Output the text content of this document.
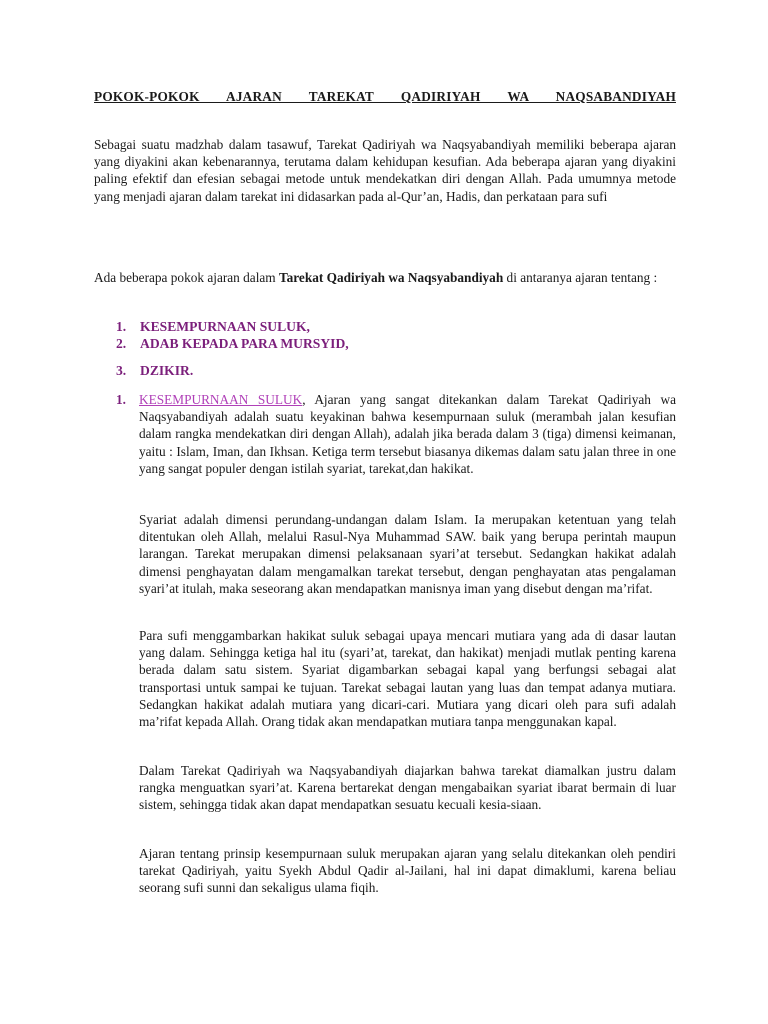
POKOK-POKOK AJARAN TAREKAT QADIRIYAH WA NAQSABANDIYAH

Sebagai suatu madzhab dalam tasawuf, Tarekat Qadiriyah wa Naqsyabandiyah memiliki beberapa ajaran yang diyakini akan kebenarannya, terutama dalam kehidupan kesufian. Ada beberapa ajaran yang diyakini paling efektif dan efesian sebagai metode untuk mendekatkan diri dengan Allah. Pada umumnya metode yang menjadi ajaran dalam tarekat ini didasarkan pada al-Qur’an, Hadis, dan perkataan para sufi

Ada beberapa pokok ajaran dalam Tarekat Qadiriyah wa Naqsyabandiyah di antaranya ajaran tentang :

1. KESEMPURNAAN SULUK,
2. ADAB KEPADA PARA MURSYID,
3. DZIKIR.
1. KESEMPURNAAN SULUK, Ajaran yang sangat ditekankan dalam Tarekat Qadiriyah wa Naqsyabandiyah adalah suatu keyakinan bahwa kesempurnaan suluk (merambah jalan kesufian dalam rangka mendekatkan diri dengan Allah), adalah jika berada dalam 3 (tiga) dimensi keimanan, yaitu : Islam, Iman, dan Ikhsan. Ketiga term tersebut biasanya dikemas dalam satu jalan three in one yang sangat populer dengan istilah syariat, tarekat,dan hakikat.

Syariat adalah dimensi perundang-undangan dalam Islam. Ia merupakan ketentuan yang telah ditentukan oleh Allah, melalui Rasul-Nya Muhammad SAW. baik yang berupa perintah maupun larangan. Tarekat merupakan dimensi pelaksanaan syari’at tersebut. Sedangkan hakikat adalah dimensi penghayatan dalam mengamalkan tarekat tersebut, dengan penghayatan atas pengalaman syari’at itulah, maka seseorang akan mendapatkan manisnya iman yang disebut dengan ma’rifat.

Para sufi menggambarkan hakikat suluk sebagai upaya mencari mutiara yang ada di dasar lautan yang dalam. Sehingga ketiga hal itu (syari’at, tarekat, dan hakikat) menjadi mutlak penting karena berada dalam satu sistem. Syariat digambarkan sebagai kapal yang berfungsi sebagai alat transportasi untuk sampai ke tujuan. Tarekat sebagai lautan yang luas dan tempat adanya mutiara. Sedangkan hakikat adalah mutiara yang dicari-cari. Mutiara yang dicari oleh para sufi adalah ma’rifat kepada Allah. Orang tidak akan mendapatkan mutiara tanpa menggunakan kapal.

Dalam Tarekat Qadiriyah wa Naqsyabandiyah diajarkan bahwa tarekat diamalkan justru dalam rangka menguatkan syari’at. Karena bertarekat dengan mengabaikan syariat ibarat bermain di luar sistem, sehingga tidak akan dapat mendapatkan sesuatu kecuali kesia-siaan.

Ajaran tentang prinsip kesempurnaan suluk merupakan ajaran yang selalu ditekankan oleh pendiri tarekat Qadiriyah, yaitu Syekh Abdul Qadir al-Jailani, hal ini dapat dimaklumi, karena beliau seorang sufi sunni dan sekaligus ulama fiqih.
